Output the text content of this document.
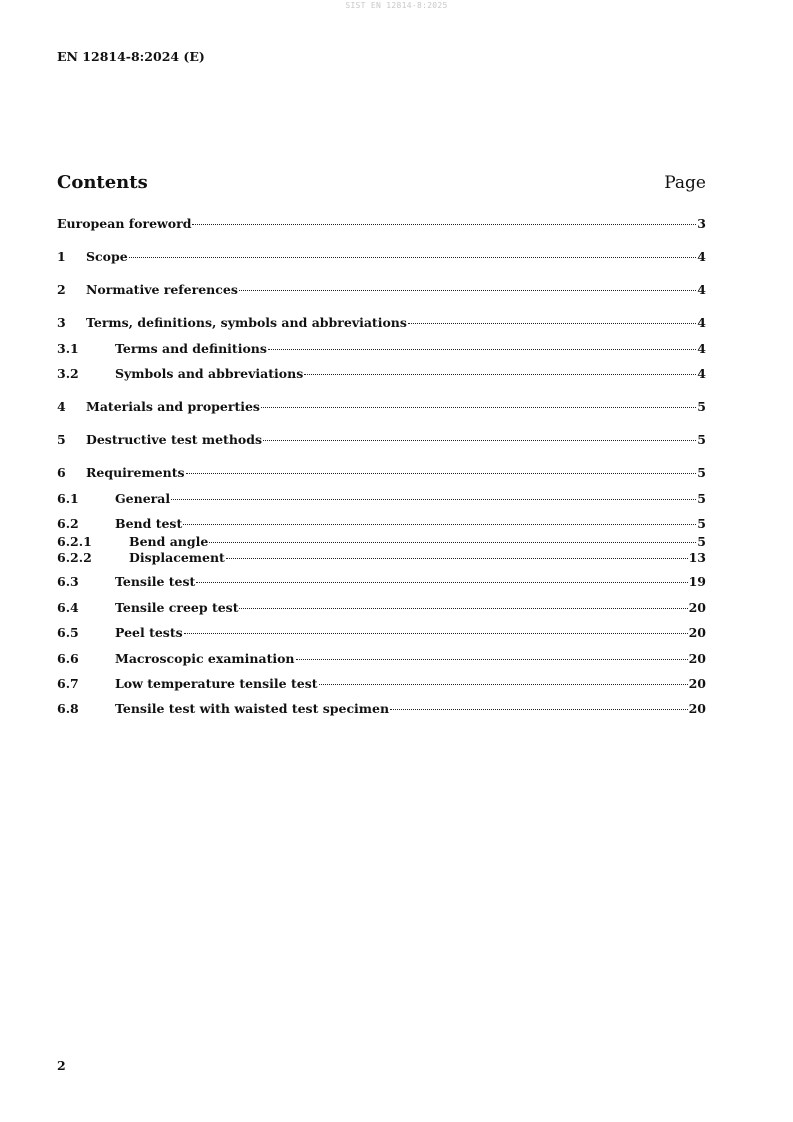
SIST EN 12814-8:2025
EN 12814-8:2024 (E)
Contents	Page
European foreword	3
1	Scope	4
2	Normative references	4
3	Terms, definitions, symbols and abbreviations	4
3.1	Terms and definitions	4
3.2	Symbols and abbreviations	4
4	Materials and properties	5
5	Destructive test methods	5
6	Requirements	5
6.1	General	5
6.2	Bend test	5
6.2.1	Bend angle	5
6.2.2	Displacement	13
6.3	Tensile test	19
6.4	Tensile creep test	20
6.5	Peel tests	20
6.6	Macroscopic examination	20
6.7	Low temperature tensile test	20
6.8	Tensile test with waisted test specimen	20
2
